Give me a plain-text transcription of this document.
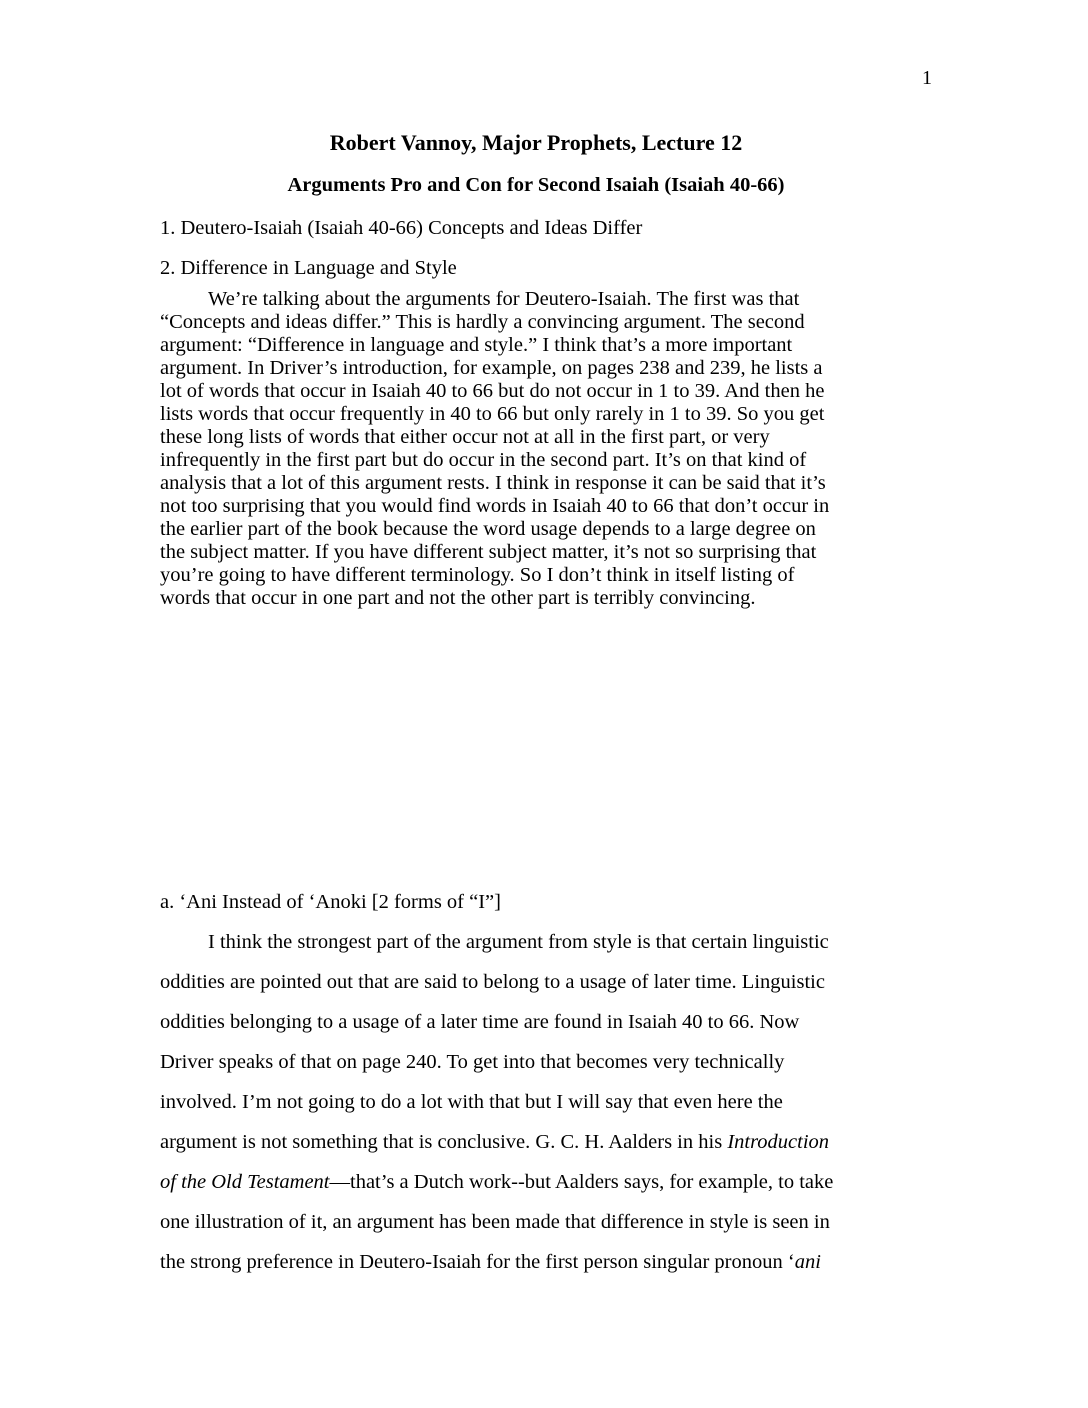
1
Robert Vannoy, Major Prophets, Lecture 12
Arguments Pro and Con for Second Isaiah (Isaiah 40-66)
1. Deutero-Isaiah (Isaiah 40-66) Concepts and Ideas Differ
2. Difference in Language and Style
We’re talking about the arguments for Deutero-Isaiah. The first was that
“Concepts and ideas differ.” This is hardly a convincing argument. The second
argument: “Difference in language and style.” I think that’s a more important
argument. In Driver’s introduction, for example, on pages 238 and 239, he lists a
lot of words that occur in Isaiah 40 to 66 but do not occur in 1 to 39. And then he
lists words that occur frequently in 40 to 66 but only rarely in 1 to 39. So you get
these long lists of words that either occur not at all in the first part, or very
infrequently in the first part but do occur in the second part. It’s on that kind of
analysis that a lot of this argument rests. I think in response it can be said that it’s
not too surprising that you would find words in Isaiah 40 to 66 that don’t occur in
the earlier part of the book because the word usage depends to a large degree on
the subject matter. If you have different subject matter, it’s not so surprising that
you’re going to have different terminology. So I don’t think in itself listing of
words that occur in one part and not the other part is terribly convincing.
a. ‘Ani Instead of ‘Anoki [2 forms of “I”]
I think the strongest part of the argument from style is that certain linguistic
oddities are pointed out that are said to belong to a usage of later time. Linguistic
oddities belonging to a usage of a later time are found in Isaiah 40 to 66. Now
Driver speaks of that on page 240. To get into that becomes very technically
involved. I’m not going to do a lot with that but I will say that even here the
argument is not something that is conclusive. G. C. H. Aalders in his Introduction
of the Old Testament—that’s a Dutch work--but Aalders says, for example, to take
one illustration of it, an argument has been made that difference in style is seen in
the strong preference in Deutero-Isaiah for the first person singular pronoun ‘ani
